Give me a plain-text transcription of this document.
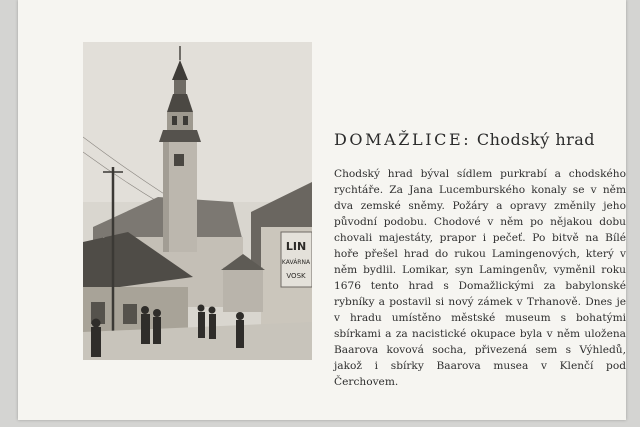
LIN
KAVÁRNA
VOSK
DOMAŽLICE: Chodský hrad
Chodský hrad býval sídlem purkrabí a chodského rychtáře. Za Jana Lucemburského konaly se v něm dva zemské sněmy. Požáry a opravy změnily jeho původní podobu. Chodové v něm po nějakou dobu chovali majestáty, prapor i pečeť. Po bitvě na Bílé hoře přešel hrad do rukou Lamingenových, který v něm bydlil. Lomikar, syn Lamingenův, vyměnil roku 1676 tento hrad s Domažlickými za babylonské rybníky a postavil si nový zámek v Trhanově. Dnes je v hradu umístěno městské museum s bohatými sbírkami a za nacistické okupace byla v něm uložena Baarova kovová socha, přivezená sem s Výhledů, jakož i sbírky Baarova musea v Klenčí pod Čerchovem.
